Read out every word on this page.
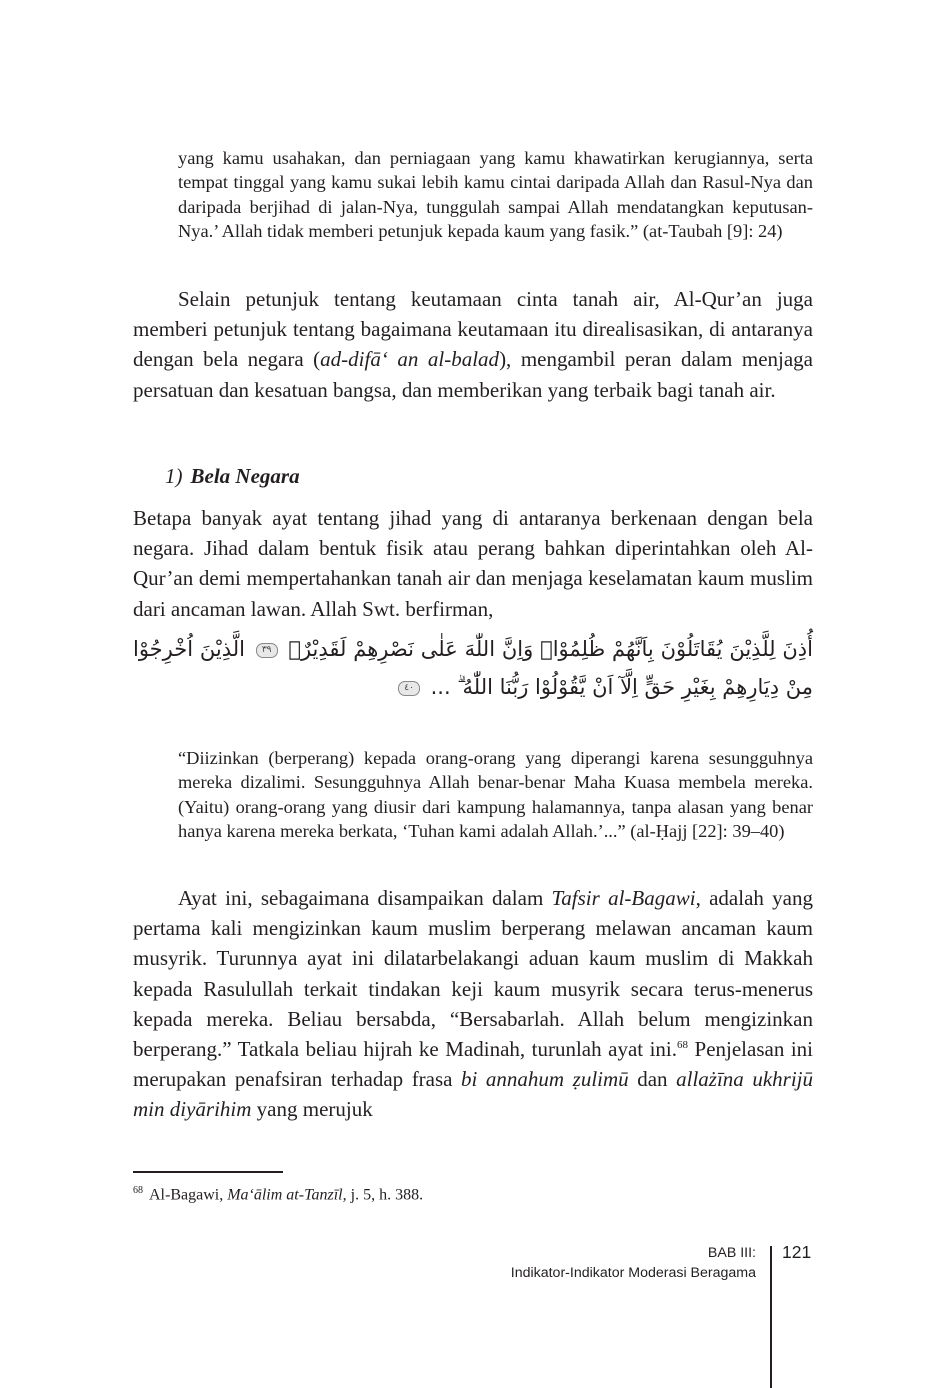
yang kamu usahakan, dan perniagaan yang kamu khawatirkan kerugiannya, serta tempat tinggal yang kamu sukai lebih kamu cintai daripada Allah dan Rasul-Nya dan daripada berjihad di jalan-Nya, tunggulah sampai Allah mendatangkan keputusan-Nya.’ Allah tidak memberi petunjuk kepada kaum yang fasik.” (at-Taubah [9]: 24)

Selain petunjuk tentang keutamaan cinta tanah air, Al-Qur’an juga memberi petunjuk tentang bagaimana keutamaan itu direalisasikan, di antaranya dengan bela negara (ad-difā‘ an al-balad), mengambil peran dalam menjaga persatuan dan kesatuan bangsa, dan memberikan yang terbaik bagi tanah air.

1) Bela Negara

Betapa banyak ayat tentang jihad yang di antaranya berkenaan dengan bela negara. Jihad dalam bentuk fisik atau perang bahkan diperintahkan oleh Al-Qur’an demi mempertahankan tanah air dan menjaga keselamatan kaum muslim dari ancaman lawan. Allah Swt. berfirman,

أُذِنَ لِلَّذِيْنَ يُقَاتَلُوْنَ بِاَنَّهُمْ ظُلِمُوْاۗ وَاِنَّ اللّٰهَ عَلٰى نَصْرِهِمْ لَقَدِيْرٌۙ ٣٩ الَّذِيْنَ اُخْرِجُوْا مِنْ دِيَارِهِمْ بِغَيْرِ حَقٍّ اِلَّآ اَنْ يَّقُوْلُوْا رَبُّنَا اللّٰهُ ۗ ... ٤٠

“Diizinkan (berperang) kepada orang-orang yang diperangi karena sesungguhnya mereka dizalimi. Sesungguhnya Allah benar-benar Maha Kuasa membela mereka. (Yaitu) orang-orang yang diusir dari kampung halamannya, tanpa alasan yang benar hanya karena mereka berkata, ‘Tuhan kami adalah Allah.’...” (al-Ḥajj [22]: 39–40)

Ayat ini, sebagaimana disampaikan dalam Tafsir al-Bagawi, adalah yang pertama kali mengizinkan kaum muslim berperang melawan ancaman kaum musyrik. Turunnya ayat ini dilatarbelakangi aduan kaum muslim di Makkah kepada Rasulullah terkait tindakan keji kaum musyrik secara terus-menerus kepada mereka. Beliau bersabda, “Bersabarlah. Allah belum mengizinkan berperang.” Tatkala beliau hijrah ke Madinah, turunlah ayat ini.$^{68}$ Penjelasan ini merupakan penafsiran terhadap frasa bi annahum ẓulimū dan allażīna ukhrijū min diyārihim yang merujuk

$^{68}$ Al-Bagawi, Ma‘ālim at-Tanzīl, j. 5, h. 388.
BAB III:
Indikator-Indikator Moderasi Beragama
121
